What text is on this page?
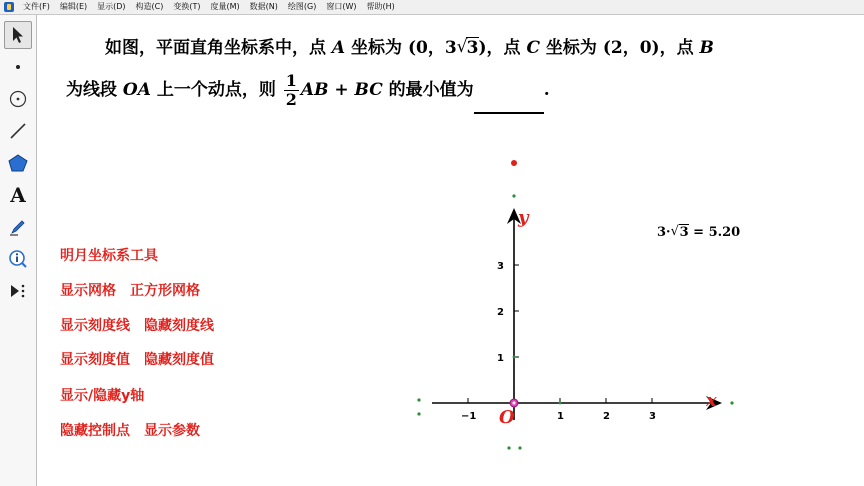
文件(F)	编辑(E)	显示(D)	构造(C)	变换(T)	度量(M)	数据(N)	绘图(G)	窗口(W)	帮助(H)
A
如图，平面直角坐标系中，点 A 坐标为 (0，3 √ 3)，点 C 坐标为 (2，0)，点 B
为线段 OA 上一个动点，则 $\frac{1}{2}$ AB + BC 的最小值为	.
明月坐标系工具
显示网格 正方形网格
显示刻度线 隐藏刻度线
显示刻度值 隐藏刻度值
显示/隐藏y轴
隐藏控制点 显示参数
3· √ 3 = 5.20
−1	1	2	3
1
2
3
x
y
O
